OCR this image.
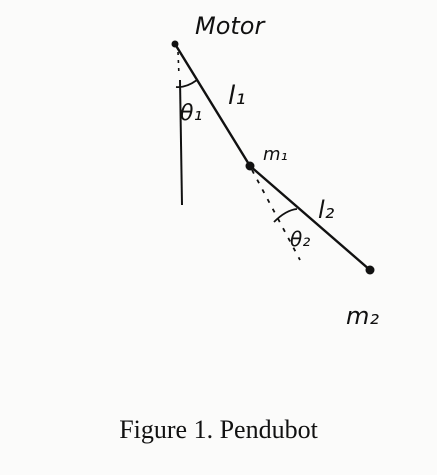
Motor
l₁
θ₁
m₁
l₂
θ₂
m₂
Figure 1. Pendubot
